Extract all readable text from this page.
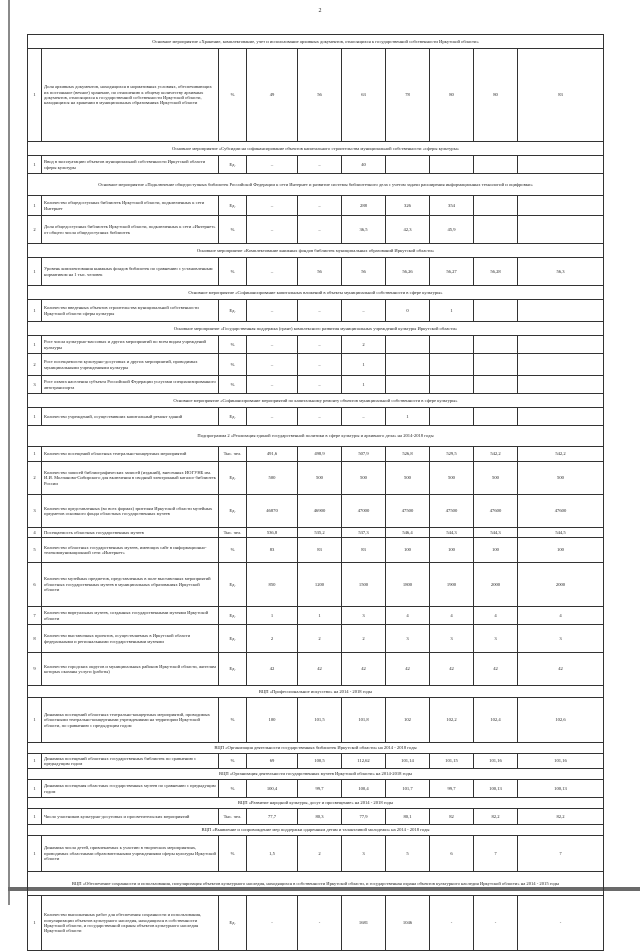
2
Основное мероприятие «Хранение, комплектование, учет и использование архивных документов, относящихся к государственной собственности Иркутской области»									
1	Доля архивных документов, находящихся в нормативных условиях, обеспечивающих их постоянное (вечное) хранение, по отношению к общему количеству архивных документов, относящихся к государственной собственности Иркутской области, находящихся на хранении в муниципальных образованиях Иркутской области	%	49	56	63	78	80	80	83
Основное мероприятие «Субсидии на софинансирование объектов капитального строительства муниципальной собственности «сферы культуры»									
1	Ввод в эксплуатацию объектов муниципальной собственности Иркутской области сферы культуры	Ед.	–	–	40				
Основное мероприятие «Подключение общедоступных библиотек Российской Федерации к сети Интернет и развитие системы библиотечного дела с учетом задачи расширения информационных технологий и оцифровки»									
1	Количество общедоступных библиотек Иркутской области, подключенных к сети Интернет	Ед.	–	–	288	326	354		
2	Доля общедоступных библиотек Иркутской области, подключенных к сети «Интернет» от общего числа общедоступных библиотек	%	–	–	36,5	42,3	45,9		
Основное мероприятие «Комплектование книжных фондов библиотек муниципальных образований Иркутской области»									
1	Уровень комплектования книжных фондов библиотек по сравнению с установленным нормативом на 1 тыс. человек	%	–	56	56	56,26	56,27	56,28	56,3
Основное мероприятие «Софинансирование капитальных вложений в объекты муниципальной собственности в сфере культуры»									
1	Количество введенных объектов строительства муниципальной собственности Иркутской области сферы культуры	Ед.	–	–	–	0	1		
Основное мероприятие «Государственная поддержка (грант) комплексного развития муниципальных учреждений культуры Иркутской области»									
1	Рост числа культурно-массовых и других мероприятий по всем видам учреждений культуры	%	–	–	2				
2	Рост посещаемости культурно-досуговых и других мероприятий, проводимых муниципальными учреждениями культуры	%	–	–	1				
3	Рост охвата населения субъекта Российской Федерации услугами специализированного автотранспорта	%	–	–	1				
Основное мероприятие «Софинансирование мероприятий по капитальному ремонту объектов муниципальной собственности в сфере культуры»									
1	Количество учреждений, осуществивших капитальный ремонт зданий	Ед.	–	–	–	1			
Подпрограмма 2 «Реализация единой государственной политики в сфере культуры и архивного дела» на 2014-2018 годы									
1	Количество посещений областных театрально-концертных мероприятий	Тыс. чел.	491,6	498,9	507,9	526,8	529,5	542,2	542,2
2	Количество записей библиографических записей (изданий), внесенных ИОГУНБ им. И.И. Молчанова-Сибирского для включения в сводный электронный каталог библиотек России	Ед.	500	500	500	500	500	500	500
3	Количество представленных (во всех формах) зрителям Иркутской области музейных предметов основного фонда областных государственных музеев	Ед.	46870	46900	47000	47500	47500	47600	47600
4	Посещаемость областных государственных музеев	Тыс. чел.	536,8	535,2	537,3	546,4	544,3	544,3	544,5
5	Количество областных государственных музеев, имеющих сайт в информационно-телекоммуникационной сети «Интернет»	%	83	83	83	100	100	100	100
6	Количество музейных предметов, представленных в поле выставочных мероприятий областных государственных музеев в муниципальных образованиях Иркутской области	Ед.	850	1200	1500	1800	1900	2000	2000
7	Количество виртуальных музеев, созданных государственными музеями Иркутской области	Ед.	1	1	3	4	4	4	4
8	Количество выставочных проектов, осуществляемых в Иркутской области федеральными и региональными государственными музеями	Ед.	2	2	2	3	3	3	3
9	Количество городских округов и муниципальных районов Иркутской области, жителям которых оказаны услуги (работы)	Ед.	42	42	42	42	42	42	42
ВЦП «Профессиональное искусство» на 2014 - 2018 годы									
1	Динамика посещений областных театрально-концертных мероприятий, проводимых областными театрально-концертными учреждениями на территории Иркутской области, по сравнению с предыдущим годом	%	100	101,5	101,8	102	102,2	102,4	102,6
ВЦП «Организация деятельности государственных библиотек Иркутской области» на 2014 - 2018 годы									
1	Динамика посещений областных государственных библиотек по сравнению с предыдущим годом	%	69	100,5	112,62	101,14	101,15	101,16	101,16
ВЦП «Организация деятельности государственных музеев Иркутской области» на 2014-2018 годы									
1	Динамика посещения областных государственных музеев по сравнению с предыдущим годом	%	100,4	99,7	100,4	101,7	99,7	100,13	100,13
ВЦП «Развитие народной культуры, досуг и просвещение» на 2014 - 2018 годы									
1	Число участников культурно-досуговых и просветительских мероприятий	Тыс. чел.	77,7	80,3	77,9	80,1	82	82,2	82,2
ВЦП «Выявление и сопровождение мер поддержки одаренным детям и талантливой молодежи» на 2014 - 2018 годы									
1	Динамика числа детей, привлекаемых к участию в творческих мероприятиях, проводимых областными образовательными учреждениями сферы культуры Иркутской области	%	1,5	2	3	5	6	7	7
ВЦП «Обеспечение сохранности и использования, популяризация объектов культурного наследия, находящихся в собственности Иркутской области, и государственная охрана объектов культурного наследия Иркутской области» на 2014 - 2015 годы									
1	Количество выполненных работ для обеспечения сохранности и использования, популяризации объектов культурного наследия, находящихся в собственности Иркутской области, и государственной охраны объектов культурного наследия Иркутской области	Ед.	-	-	1681	1046	-	-	-
